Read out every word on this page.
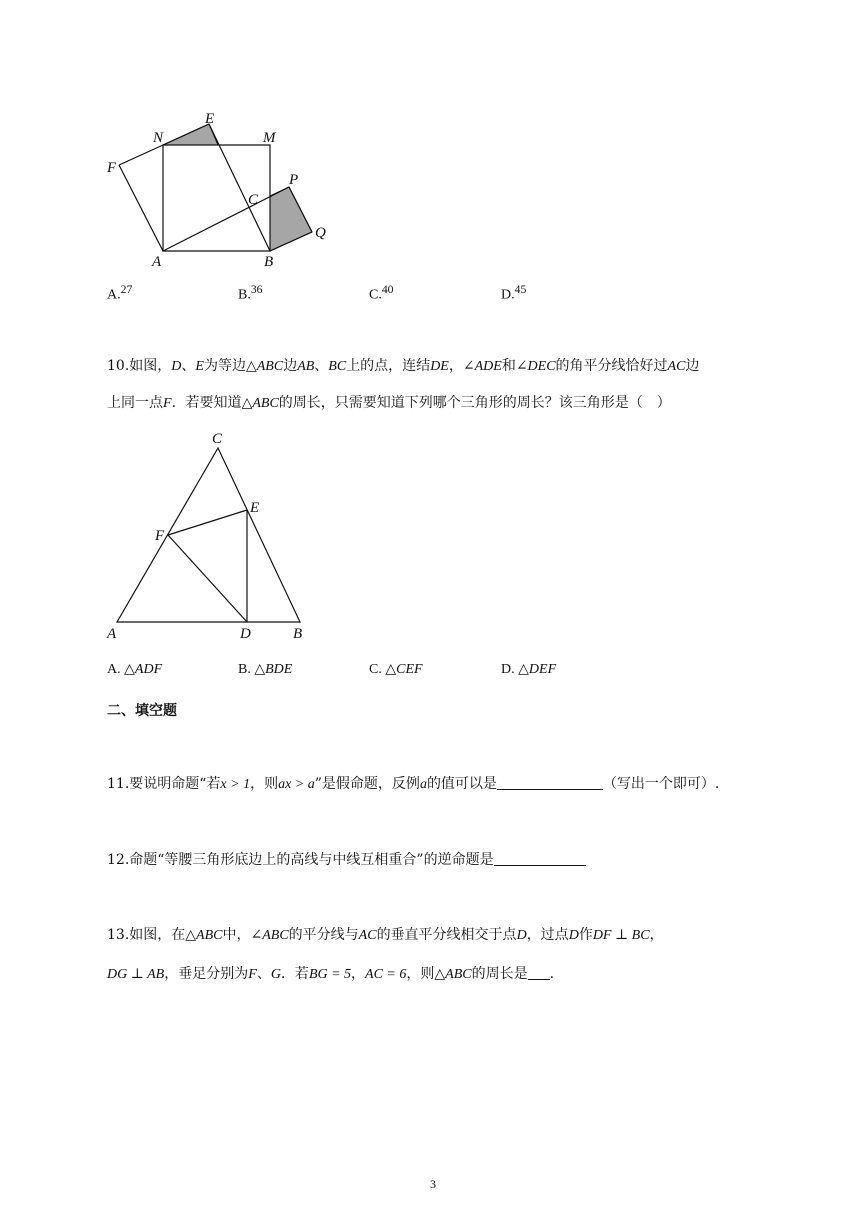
E
N	M
F
P
C
Q
A	B
A.$^{27}$	B.$^{36}$	C.$^{40}$	D.$^{45}$
10.如图，D、E为等边△ABC边AB、BC上的点，连结DE，∠ADE和∠DEC的角平分线恰好过AC边
上同一点F．若要知道△ABC的周长，只需要知道下列哪个三角形的周长？该三角形是（　）
C
E
F
A	D	B
A. △ADF	B. △BDE	C. △CEF	D. △DEF
二、填空题
11.要说明命题“若x > 1，则ax > a”是假命题，反例a的值可以是	（写出一个即可）.
12.命题“等腰三角形底边上的高线与中线互相重合”的逆命题是
13.如图，在△ABC中，∠ABC的平分线与AC的垂直平分线相交于点D，过点D作DF ⊥ BC，
DG ⊥ AB，垂足分别为F、G．若BG = 5，AC = 6，则△ABC的周长是 .
3
